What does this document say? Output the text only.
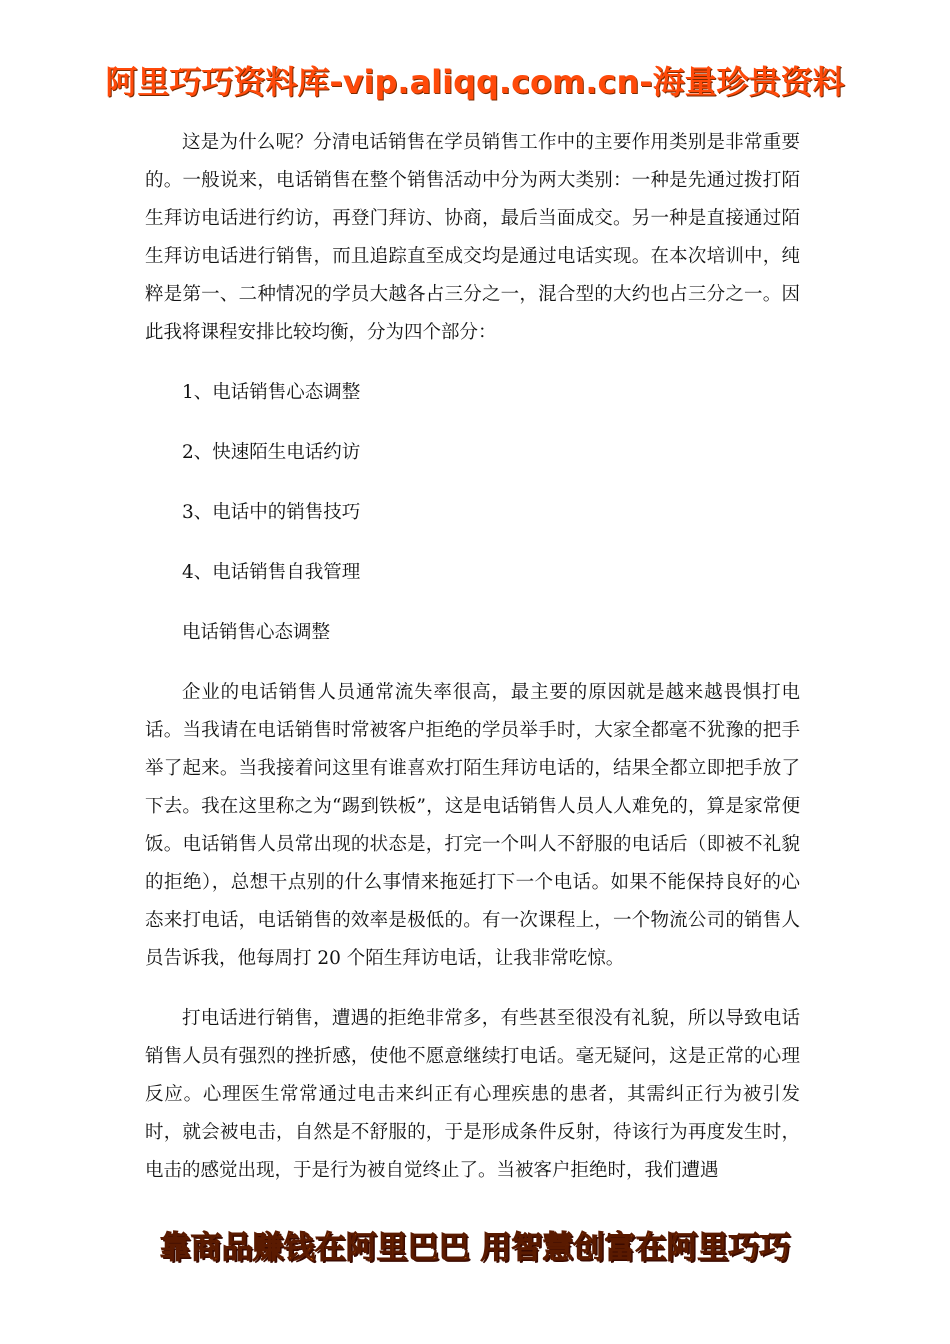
阿里巧巧资料库-vip.aliqq.com.cn-海量珍贵资料

这是为什么呢？分清电话销售在学员销售工作中的主要作用类别是非常重要的。一般说来，电话销售在整个销售活动中分为两大类别：一种是先通过拨打陌生拜访电话进行约访，再登门拜访、协商，最后当面成交。另一种是直接通过陌生拜访电话进行销售，而且追踪直至成交均是通过电话实现。在本次培训中，纯粹是第一、二种情况的学员大越各占三分之一，混合型的大约也占三分之一。因此我将课程安排比较均衡，分为四个部分：

1、电话销售心态调整

2、快速陌生电话约访

3、电话中的销售技巧

4、电话销售自我管理

电话销售心态调整

企业的电话销售人员通常流失率很高，最主要的原因就是越来越畏惧打电话。当我请在电话销售时常被客户拒绝的学员举手时，大家全都毫不犹豫的把手举了起来。当我接着问这里有谁喜欢打陌生拜访电话的，结果全都立即把手放了下去。我在这里称之为“踢到铁板”，这是电话销售人员人人难免的，算是家常便饭。电话销售人员常出现的状态是，打完一个叫人不舒服的电话后（即被不礼貌的拒绝），总想干点别的什么事情来拖延打下一个电话。如果不能保持良好的心态来打电话，电话销售的效率是极低的。有一次课程上，一个物流公司的销售人员告诉我，他每周打 20 个陌生拜访电话，让我非常吃惊。

打电话进行销售，遭遇的拒绝非常多，有些甚至很没有礼貌，所以导致电话销售人员有强烈的挫折感，使他不愿意继续打电话。毫无疑问，这是正常的心理反应。心理医生常常通过电击来纠正有心理疾患的患者，其需纠正行为被引发时，就会被电击，自然是不舒服的，于是形成条件反射，待该行为再度发生时，电击的感觉出现，于是行为被自觉终止了。当被客户拒绝时，我们遭遇

靠商品赚钱在阿里巴巴 用智慧创富在阿里巧巧
